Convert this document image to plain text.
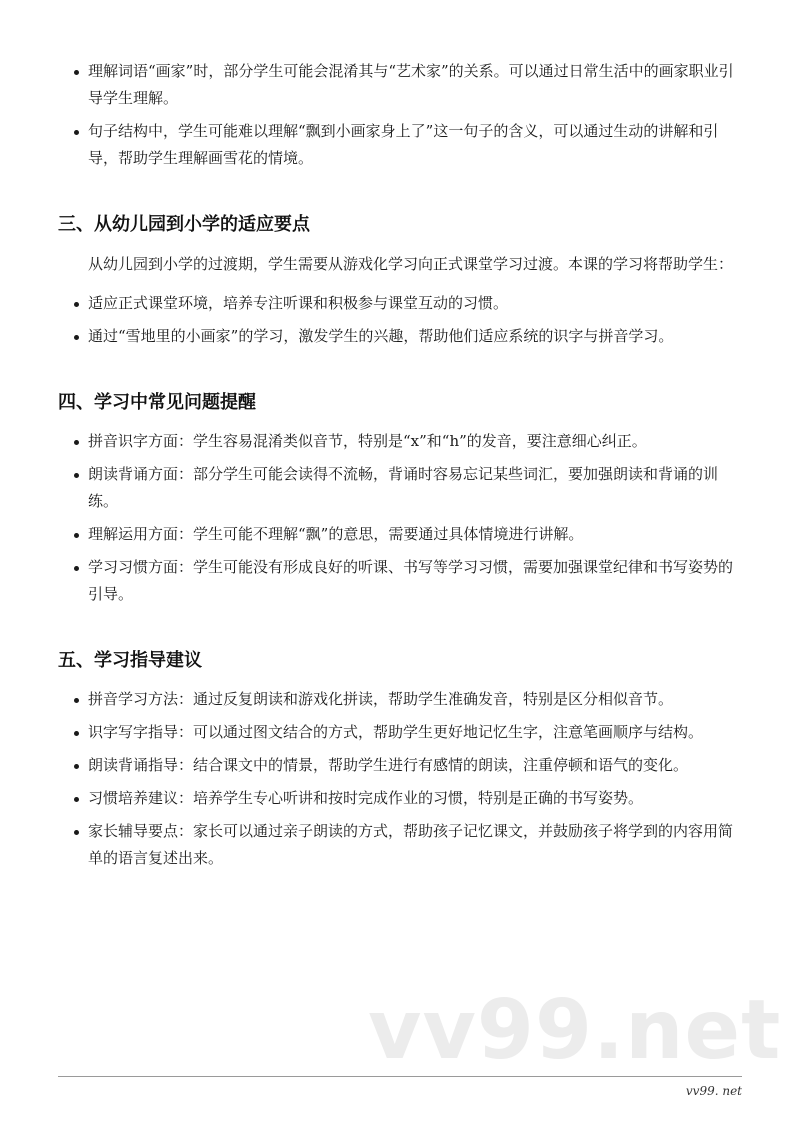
理解词语“画家”时，部分学生可能会混淆其与“艺术家”的关系。可以通过日常生活中的画家职业引导学生理解。
句子结构中，学生可能难以理解“飘到小画家身上了”这一句子的含义，可以通过生动的讲解和引导，帮助学生理解画雪花的情境。
三、从幼儿园到小学的适应要点

从幼儿园到小学的过渡期，学生需要从游戏化学习向正式课堂学习过渡。本课的学习将帮助学生：

适应正式课堂环境，培养专注听课和积极参与课堂互动的习惯。
通过“雪地里的小画家”的学习，激发学生的兴趣，帮助他们适应系统的识字与拼音学习。
四、学习中常见问题提醒
拼音识字方面：学生容易混淆类似音节，特别是“x”和“h”的发音，要注意细心纠正。
朗读背诵方面：部分学生可能会读得不流畅，背诵时容易忘记某些词汇，要加强朗读和背诵的训练。
理解运用方面：学生可能不理解“飘”的意思，需要通过具体情境进行讲解。
学习习惯方面：学生可能没有形成良好的听课、书写等学习习惯，需要加强课堂纪律和书写姿势的引导。
五、学习指导建议
拼音学习方法：通过反复朗读和游戏化拼读，帮助学生准确发音，特别是区分相似音节。
识字写字指导：可以通过图文结合的方式，帮助学生更好地记忆生字，注意笔画顺序与结构。
朗读背诵指导：结合课文中的情景，帮助学生进行有感情的朗读，注重停顿和语气的变化。
习惯培养建议：培养学生专心听讲和按时完成作业的习惯，特别是正确的书写姿势。
家长辅导要点：家长可以通过亲子朗读的方式，帮助孩子记忆课文，并鼓励孩子将学到的内容用简单的语言复述出来。
vv99.net
vv99. net
